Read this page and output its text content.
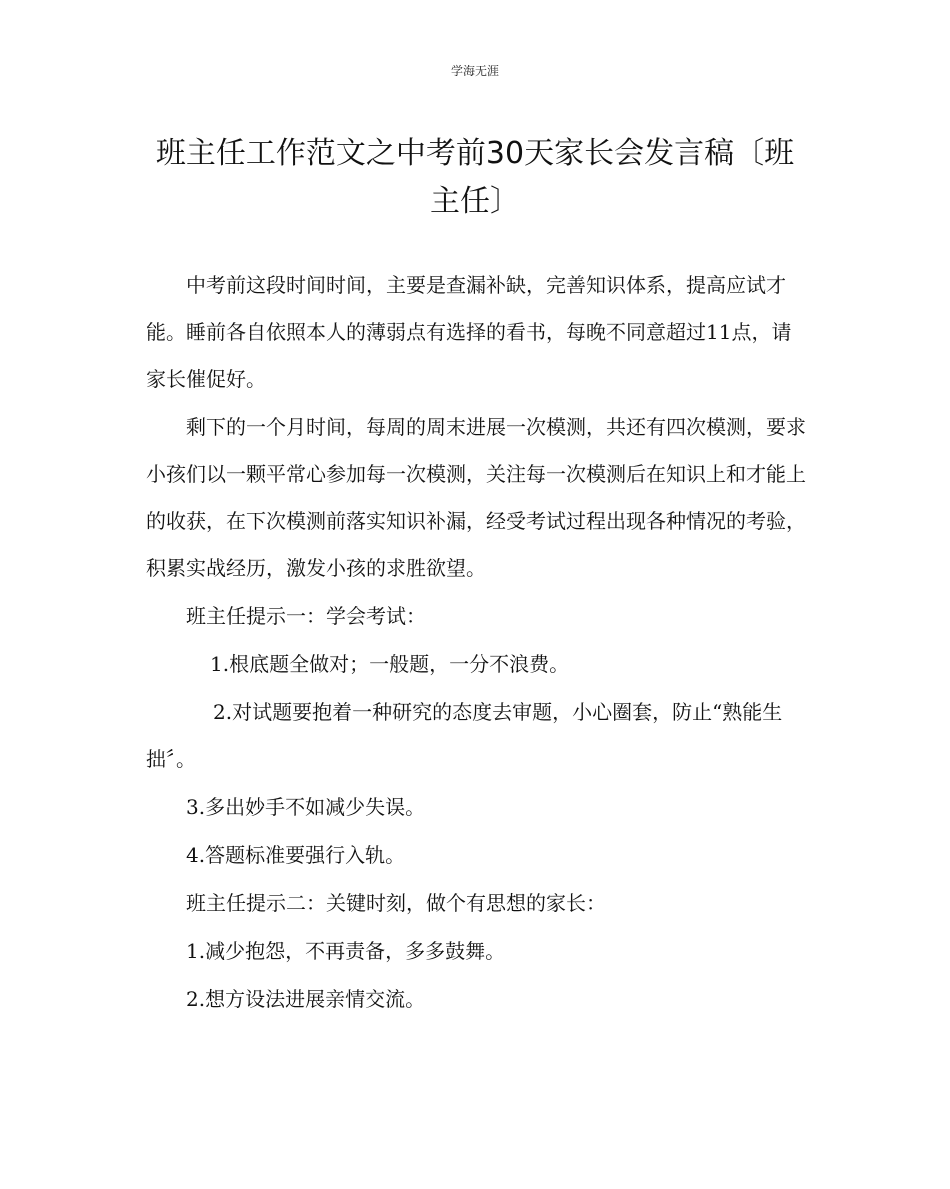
学海无涯
班主任工作范文之中考前30天家长会发言稿〔班主任〕

中考前这段时间时间，主要是查漏补缺，完善知识体系，提高应试才能。睡前各自依照本人的薄弱点有选择的看书，每晚不同意超过11点，请家长催促好。

剩下的一个月时间，每周的周末进展一次模测，共还有四次模测，要求小孩们以一颗平常心参加每一次模测，关注每一次模测后在知识上和才能上的收获，在下次模测前落实知识补漏，经受考试过程出现各种情况的考验，积累实战经历，激发小孩的求胜欲望。

班主任提示一：学会考试：

1.根底题全做对；一般题，一分不浪费。

2.对试题要抱着一种研究的态度去审题，小心圈套，防止“熟能生拙〞。

3.多出妙手不如减少失误。

4.答题标准要强行入轨。

班主任提示二：关键时刻，做个有思想的家长：

1.减少抱怨，不再责备，多多鼓舞。

2.想方设法进展亲情交流。
